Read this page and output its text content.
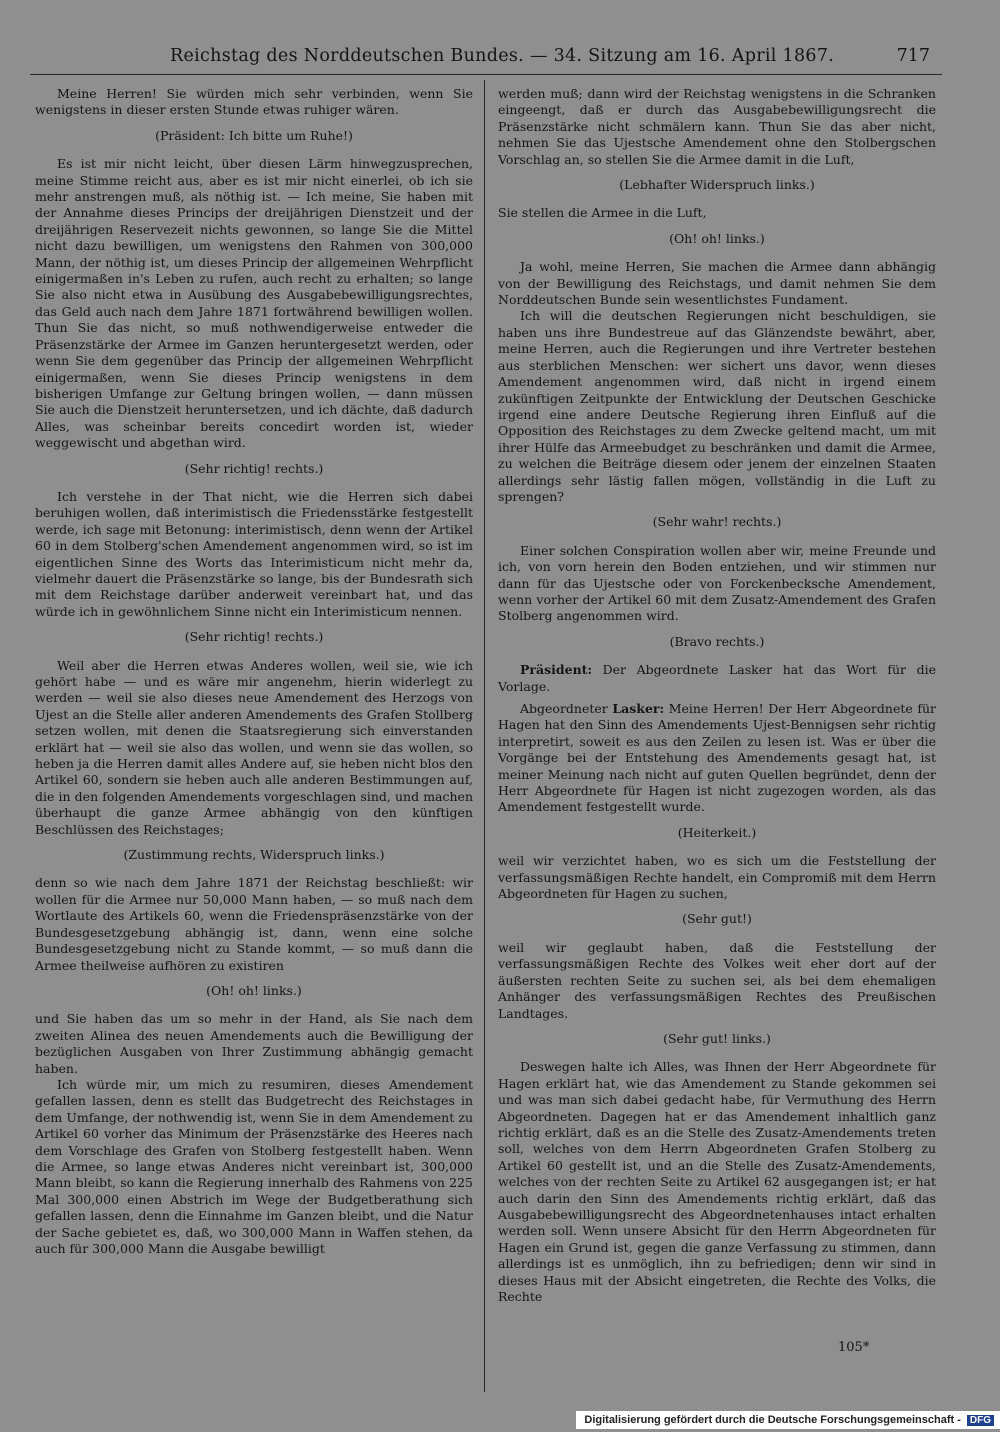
Reichstag des Norddeutschen Bundes. — 34. Sitzung am 16. April 1867.	717

Meine Herren! Sie würden mich sehr verbinden, wenn Sie wenigstens in dieser ersten Stunde etwas ruhiger wären.

(Präsident: Ich bitte um Ruhe!)

Es ist mir nicht leicht, über diesen Lärm hinwegzusprechen, meine Stimme reicht aus, aber es ist mir nicht einerlei, ob ich sie mehr anstrengen muß, als nöthig ist. — Ich meine, Sie haben mit der Annahme dieses Princips der dreijährigen Dienstzeit und der dreijährigen Reservezeit nichts gewonnen, so lange Sie die Mittel nicht dazu bewilligen, um wenigstens den Rahmen von 300,000 Mann, der nöthig ist, um dieses Princip der allgemeinen Wehrpflicht einigermaßen in's Leben zu rufen, auch recht zu erhalten; so lange Sie also nicht etwa in Ausübung des Ausgabebewilligungsrechtes, das Geld auch nach dem Jahre 1871 fortwährend bewilligen wollen. Thun Sie das nicht, so muß nothwendigerweise entweder die Präsenzstärke der Armee im Ganzen heruntergesetzt werden, oder wenn Sie dem gegenüber das Princip der allgemeinen Wehrpflicht einigermaßen, wenn Sie dieses Princip wenigstens in dem bisherigen Umfange zur Geltung bringen wollen, — dann müssen Sie auch die Dienstzeit heruntersetzen, und ich dächte, daß dadurch Alles, was scheinbar bereits concedirt worden ist, wieder weggewischt und abgethan wird.

(Sehr richtig! rechts.)

Ich verstehe in der That nicht, wie die Herren sich dabei beruhigen wollen, daß interimistisch die Friedensstärke festgestellt werde, ich sage mit Betonung: interimistisch, denn wenn der Artikel 60 in dem Stolberg'schen Amendement angenommen wird, so ist im eigentlichen Sinne des Worts das Interimisticum nicht mehr da, vielmehr dauert die Präsenzstärke so lange, bis der Bundesrath sich mit dem Reichstage darüber anderweit vereinbart hat, und das würde ich in gewöhnlichem Sinne nicht ein Interimisticum nennen.

(Sehr richtig! rechts.)

Weil aber die Herren etwas Anderes wollen, weil sie, wie ich gehört habe — und es wäre mir angenehm, hierin widerlegt zu werden — weil sie also dieses neue Amendement des Herzogs von Ujest an die Stelle aller anderen Amendements des Grafen Stollberg setzen wollen, mit denen die Staatsregierung sich einverstanden erklärt hat — weil sie also das wollen, und wenn sie das wollen, so heben ja die Herren damit alles Andere auf, sie heben nicht blos den Artikel 60, sondern sie heben auch alle anderen Bestimmungen auf, die in den folgenden Amendements vorgeschlagen sind, und machen überhaupt die ganze Armee abhängig von den künftigen Beschlüssen des Reichstages;

(Zustimmung rechts, Widerspruch links.)

denn so wie nach dem Jahre 1871 der Reichstag beschließt: wir wollen für die Armee nur 50,000 Mann haben, — so muß nach dem Wortlaute des Artikels 60, wenn die Friedenspräsenzstärke von der Bundesgesetzgebung abhängig ist, dann, wenn eine solche Bundesgesetzgebung nicht zu Stande kommt, — so muß dann die Armee theilweise aufhören zu existiren

(Oh! oh! links.)

und Sie haben das um so mehr in der Hand, als Sie nach dem zweiten Alinea des neuen Amendements auch die Bewilligung der bezüglichen Ausgaben von Ihrer Zustimmung abhängig gemacht haben.

Ich würde mir, um mich zu resumiren, dieses Amendement gefallen lassen, denn es stellt das Budgetrecht des Reichstages in dem Umfange, der nothwendig ist, wenn Sie in dem Amendement zu Artikel 60 vorher das Minimum der Präsenzstärke des Heeres nach dem Vorschlage des Grafen von Stolberg festgestellt haben. Wenn die Armee, so lange etwas Anderes nicht vereinbart ist, 300,000 Mann bleibt, so kann die Regierung innerhalb des Rahmens von 225 Mal 300,000 einen Abstrich im Wege der Budgetberathung sich gefallen lassen, denn die Einnahme im Ganzen bleibt, und die Natur der Sache gebietet es, daß, wo 300,000 Mann in Waffen stehen, da auch für 300,000 Mann die Ausgabe bewilligt

werden muß; dann wird der Reichstag wenigstens in die Schranken eingeengt, daß er durch das Ausgabebewilligungsrecht die Präsenzstärke nicht schmälern kann. Thun Sie das aber nicht, nehmen Sie das Ujestsche Amendement ohne den Stolbergschen Vorschlag an, so stellen Sie die Armee damit in die Luft,

(Lebhafter Widerspruch links.)

Sie stellen die Armee in die Luft,

(Oh! oh! links.)

Ja wohl, meine Herren, Sie machen die Armee dann abhängig von der Bewilligung des Reichstags, und damit nehmen Sie dem Norddeutschen Bunde sein wesentlichstes Fundament.

Ich will die deutschen Regierungen nicht beschuldigen, sie haben uns ihre Bundestreue auf das Glänzendste bewährt, aber, meine Herren, auch die Regierungen und ihre Vertreter bestehen aus sterblichen Menschen: wer sichert uns davor, wenn dieses Amendement angenommen wird, daß nicht in irgend einem zukünftigen Zeitpunkte der Entwicklung der Deutschen Geschicke irgend eine andere Deutsche Regierung ihren Einfluß auf die Opposition des Reichstages zu dem Zwecke geltend macht, um mit ihrer Hülfe das Armeebudget zu beschränken und damit die Armee, zu welchen die Beiträge diesem oder jenem der einzelnen Staaten allerdings sehr lästig fallen mögen, vollständig in die Luft zu sprengen?

(Sehr wahr! rechts.)

Einer solchen Conspiration wollen aber wir, meine Freunde und ich, von vorn herein den Boden entziehen, und wir stimmen nur dann für das Ujestsche oder von Forckenbecksche Amendement, wenn vorher der Artikel 60 mit dem Zusatz-Amendement des Grafen Stolberg angenommen wird.

(Bravo rechts.)

Präsident: Der Abgeordnete Lasker hat das Wort für die Vorlage.

Abgeordneter Lasker: Meine Herren! Der Herr Abgeordnete für Hagen hat den Sinn des Amendements Ujest-Bennigsen sehr richtig interpretirt, soweit es aus den Zeilen zu lesen ist. Was er über die Vorgänge bei der Entstehung des Amendements gesagt hat, ist meiner Meinung nach nicht auf guten Quellen begründet, denn der Herr Abgeordnete für Hagen ist nicht zugezogen worden, als das Amendement festgestellt wurde.

(Heiterkeit.)

weil wir verzichtet haben, wo es sich um die Feststellung der verfassungsmäßigen Rechte handelt, ein Compromiß mit dem Herrn Abgeordneten für Hagen zu suchen,

(Sehr gut!)

weil wir geglaubt haben, daß die Feststellung der verfassungsmäßigen Rechte des Volkes weit eher dort auf der äußersten rechten Seite zu suchen sei, als bei dem ehemaligen Anhänger des verfassungsmäßigen Rechtes des Preußischen Landtages.

(Sehr gut! links.)

Deswegen halte ich Alles, was Ihnen der Herr Abgeordnete für Hagen erklärt hat, wie das Amendement zu Stande gekommen sei und was man sich dabei gedacht habe, für Vermuthung des Herrn Abgeordneten. Dagegen hat er das Amendement inhaltlich ganz richtig erklärt, daß es an die Stelle des Zusatz-Amendements treten soll, welches von dem Herrn Abgeordneten Grafen Stolberg zu Artikel 60 gestellt ist, und an die Stelle des Zusatz-Amendements, welches von der rechten Seite zu Artikel 62 ausgegangen ist; er hat auch darin den Sinn des Amendements richtig erklärt, daß das Ausgabebewilligungsrecht des Abgeordnetenhauses intact erhalten werden soll. Wenn unsere Absicht für den Herrn Abgeordneten für Hagen ein Grund ist, gegen die ganze Verfassung zu stimmen, dann allerdings ist es unmöglich, ihn zu befriedigen; denn wir sind in dieses Haus mit der Absicht eingetreten, die Rechte des Volks, die Rechte

105*
Digitalisierung gefördert durch die Deutsche Forschungsgemeinschaft - DFG
